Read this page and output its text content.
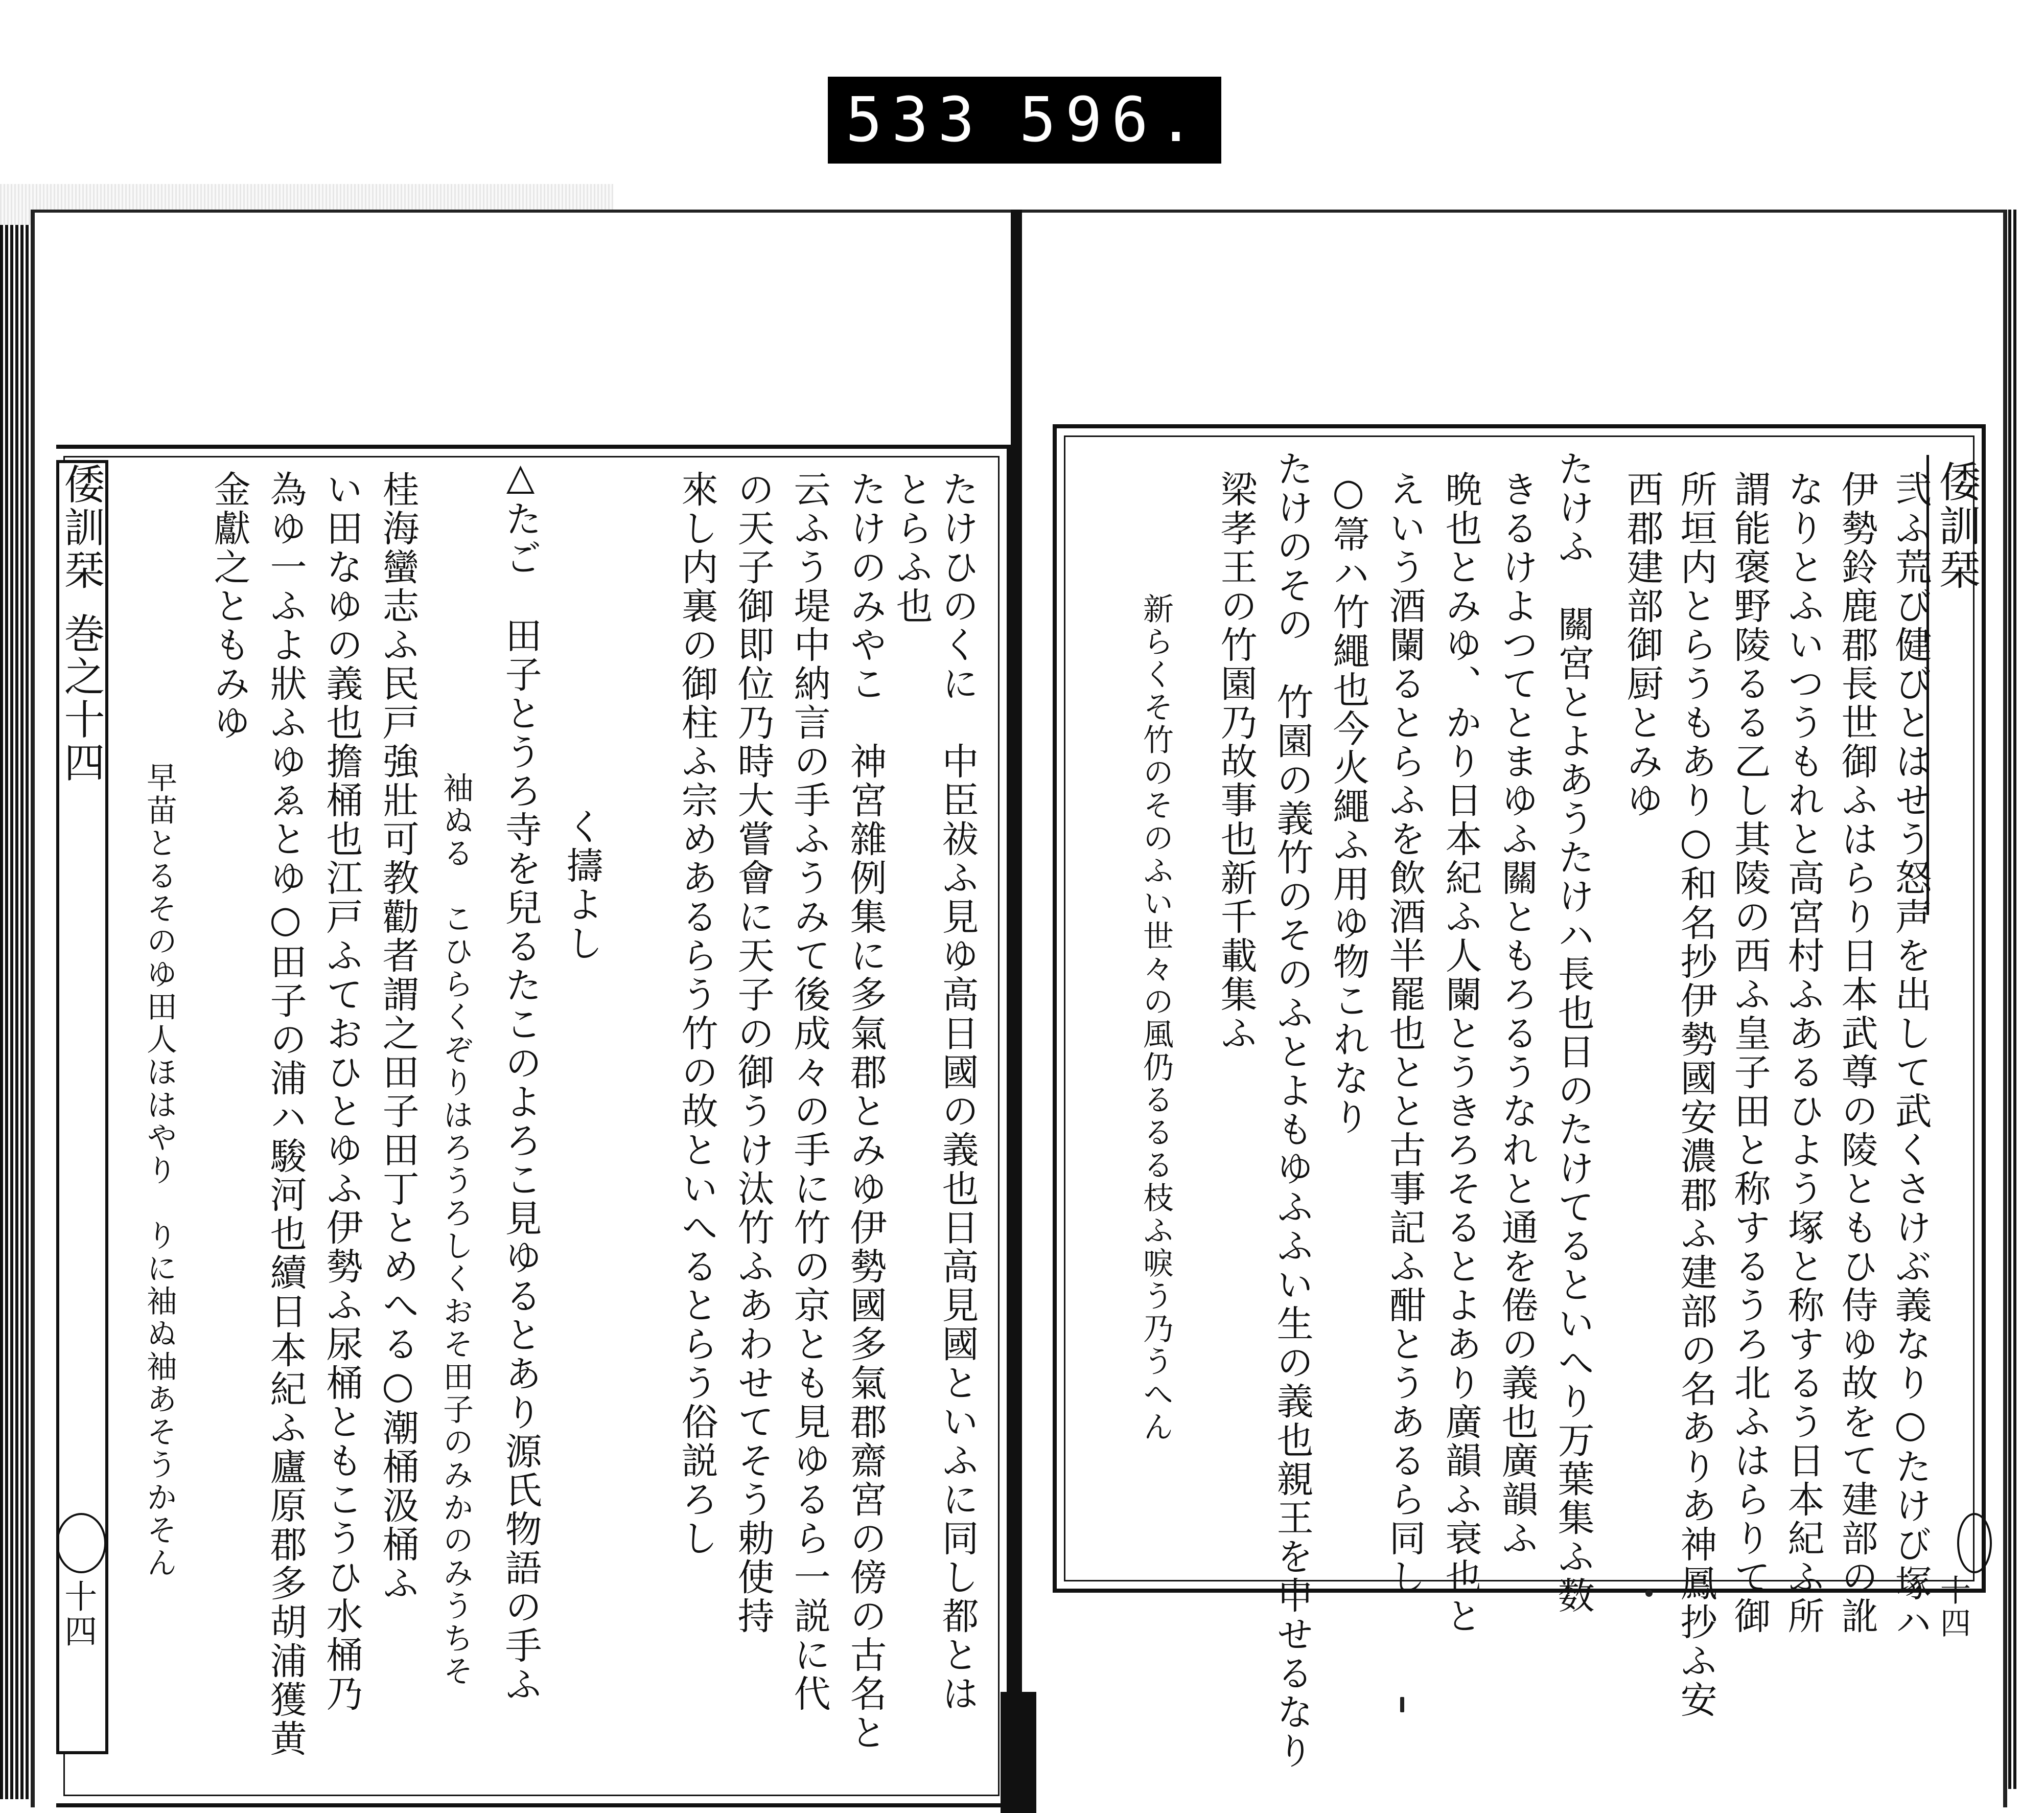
533 596.
倭訓栞
巻之十四
十四	たけひのくに　中臣祓ふ見ゆ高日國の義也日高見國といふに同し都とは
とらふ也
たけのみやこ　神宮雜例集に多氣郡とみゆ伊勢國多氣郡齋宮の傍の古名と
云ふう堤中納言の手ふうみて後成々の手に竹の京とも見ゆるら一説に代
の天子御即位乃時大嘗會に天子の御うけ汰竹ふあわせてそう勅使持
來し内裏の御柱ふ宗めあるらう竹の故といへるとらう俗説ろし
く擣よし
△たご　田子とうろ寺を兒るたこのよろこ見ゆるとあり源氏物語の手ふ
袖ぬる　こひらくぞりはろうろしくおそ田子のみかのみうちそ
桂海蠻志ふ民戸強壯可教勸者謂之田子田丁とめへる○潮桶汲桶ふ
い田なゆの義也擔桶也江戸ふておひとゆふ伊勢ふ尿桶ともこうひ水桶乃
為ゆ一ふよ狀ふゆゑとゆ○田子の浦ハ駿河也續日本紀ふ廬原郡多胡浦獲黄
金獻之ともみゆ
早苗とるそのゆ田人ほはやり　りに袖ぬ袖あそうかそん
倭訓栞
十四
弐ふ荒び健びとはせう怒声を出して武くさけぶ義なり○たけび塚ハ
伊勢鈴鹿郡長世御ふはらり日本武尊の陵ともひ侍ゆ故をて建部の訛
なりとふいつうもれと高宮村ふあるひよう塚と称するう日本紀ふ所
謂能褒野陵るる乙し其陵の西ふ皇子田と称するうろ北ふはらりて御
所垣内とらうもあり○和名抄伊勢國安濃郡ふ建部の名ありあ神鳳抄ふ安
西郡建部御厨とみゆ
たけふ　關宮とよあうたけハ長也日のたけてるといへり万葉集ふ数
きるけよつてとまゆふ關ともろるうなれと通を倦の義也廣韻ふ
晩也とみゆ、かり日本紀ふ人闌とうきろそるとよあり廣韻ふ衰也と
えいう酒闌るとらふを飲酒半罷也とと古事記ふ酣とうあるら同し
○箒ハ竹繩也今火繩ふ用ゆ物これなり
たけのその　竹園の義竹のそのふとよもゆふふい生の義也親王を申せるなり
梁孝王の竹園乃故事也新千載集ふ
新らくそ竹のそのふい世々の風仍るるる枝ふ唳う乃うへん
